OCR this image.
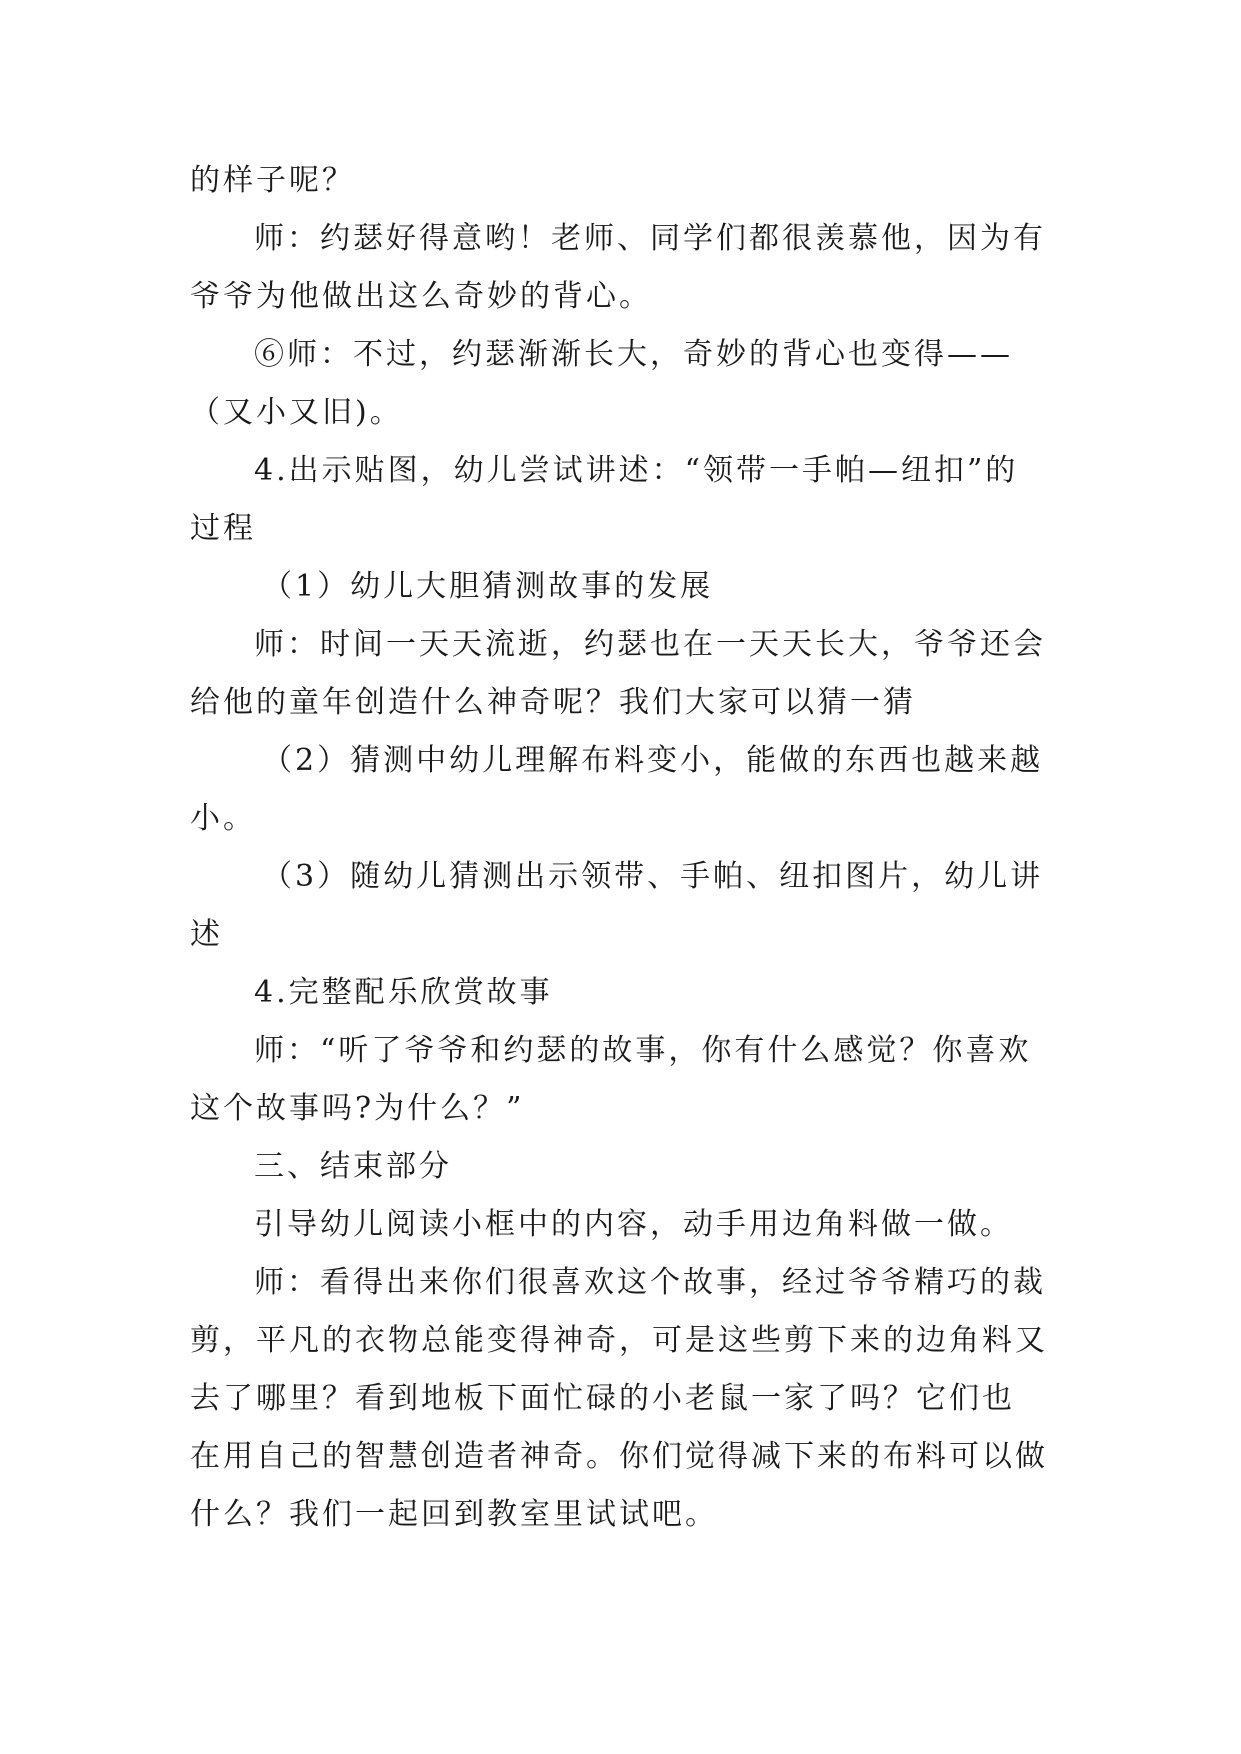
的样子呢？
师：约瑟好得意哟！老师、同学们都很羡慕他，因为有
爷爷为他做出这么奇妙的背心。
⑥师：不过，约瑟渐渐长大，奇妙的背心也变得——
（又小又旧)。
4.出示贴图，幼儿尝试讲述：“领带一手帕—纽扣”的
过程
（1）幼儿大胆猜测故事的发展
师：时间一天天流逝，约瑟也在一天天长大，爷爷还会
给他的童年创造什么神奇呢？我们大家可以猜一猜
（2）猜测中幼儿理解布料变小，能做的东西也越来越
小。
（3）随幼儿猜测出示领带、手帕、纽扣图片，幼儿讲
述
4.完整配乐欣赏故事
师：“听了爷爷和约瑟的故事，你有什么感觉？你喜欢
这个故事吗?为什么？”
三、结束部分
引导幼儿阅读小框中的内容，动手用边角料做一做。
师：看得出来你们很喜欢这个故事，经过爷爷精巧的裁
剪，平凡的衣物总能变得神奇，可是这些剪下来的边角料又
去了哪里？看到地板下面忙碌的小老鼠一家了吗？它们也
在用自己的智慧创造者神奇。你们觉得减下来的布料可以做
什么？我们一起回到教室里试试吧。
